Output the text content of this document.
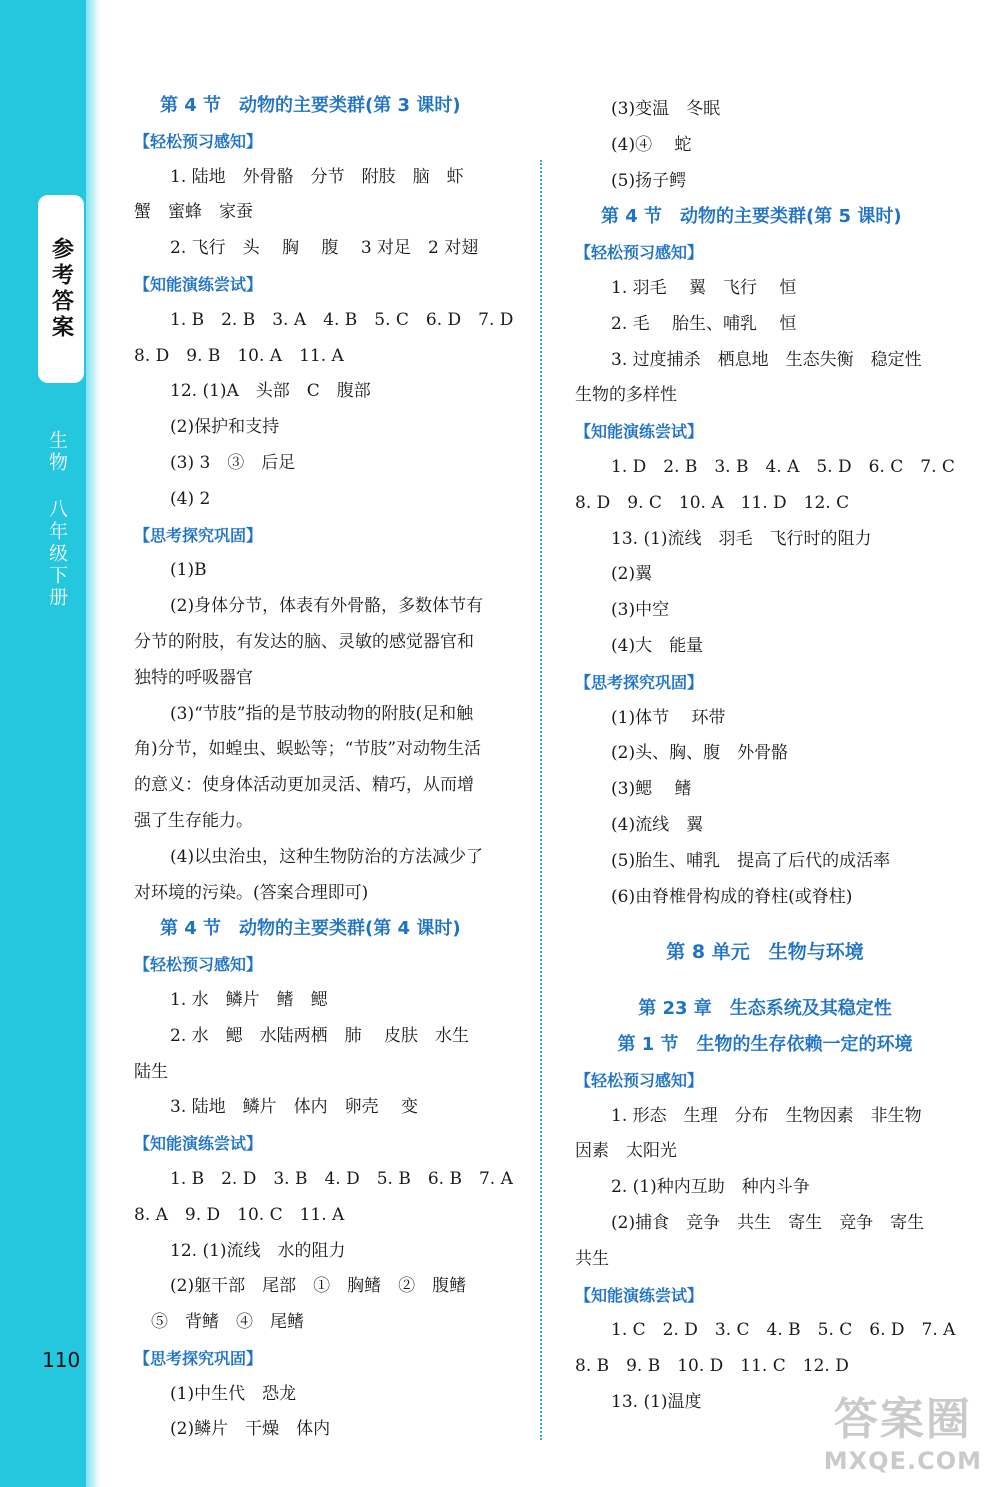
参考答案
生物 八年级下册
110
第 4 节　动物的主要类群(第 3 课时)
【轻松预习感知】
1. 陆地　外骨骼　分节　附肢　脑　虾
蟹　蜜蜂　家蚕
2. 飞行　头　 胸　 腹　 3 对足　2 对翅
【知能演练尝试】
1. B　2. B　3. A　4. B　5. C　6. D　7. D
8. D　9. B　10. A　11. A
12. (1)A　头部　C　腹部
(2)保护和支持
(3) 3　③　后足
(4) 2
【思考探究巩固】
(1)B
(2)身体分节，体表有外骨骼，多数体节有
分节的附肢，有发达的脑、灵敏的感觉器官和
独特的呼吸器官
(3)“节肢”指的是节肢动物的附肢(足和触
角)分节，如蝗虫、蜈蚣等；“节肢”对动物生活
的意义：使身体活动更加灵活、精巧，从而增
强了生存能力。
(4)以虫治虫，这种生物防治的方法减少了
对环境的污染。(答案合理即可)
第 4 节　动物的主要类群(第 4 课时)
【轻松预习感知】
1. 水　鳞片　鳍　鳃
2. 水　鳃　水陆两栖　肺　 皮肤　水生
陆生
3. 陆地　鳞片　体内　卵壳　 变
【知能演练尝试】
1. B　2. D　3. B　4. D　5. B　6. B　7. A
8. A　9. D　10. C　11. A
12. (1)流线　水的阻力
(2)躯干部　尾部　①　胸鳍　②　腹鳍
　⑤　背鳍　④　尾鳍
【思考探究巩固】
(1)中生代　恐龙
(2)鳞片　干燥　体内
(3)变温　冬眠
(4)④　 蛇
(5)扬子鳄
第 4 节　动物的主要类群(第 5 课时)
【轻松预习感知】
1. 羽毛　 翼　飞行　 恒
2. 毛　 胎生、哺乳　 恒
3. 过度捕杀　栖息地　生态失衡　稳定性
生物的多样性
【知能演练尝试】
1. D　2. B　3. B　4. A　5. D　6. C　7. C
8. D　9. C　10. A　11. D　12. C
13. (1)流线　羽毛　飞行时的阻力
(2)翼
(3)中空
(4)大　能量
【思考探究巩固】
(1)体节　 环带
(2)头、胸、腹　外骨骼
(3)鳃　 鳍
(4)流线　翼
(5)胎生、哺乳　提高了后代的成活率
(6)由脊椎骨构成的脊柱(或脊柱)
第 8 单元　生物与环境
第 23 章　生态系统及其稳定性
第 1 节　生物的生存依赖一定的环境
【轻松预习感知】
1. 形态　生理　分布　生物因素　非生物
因素　太阳光
2. (1)种内互助　种内斗争
(2)捕食　竞争　共生　寄生　竞争　寄生
共生
【知能演练尝试】
1. C　2. D　3. C　4. B　5. C　6. D　7. A
8. B　9. B　10. D　11. C　12. D
13. (1)温度	答案圈
MXQE.COM
